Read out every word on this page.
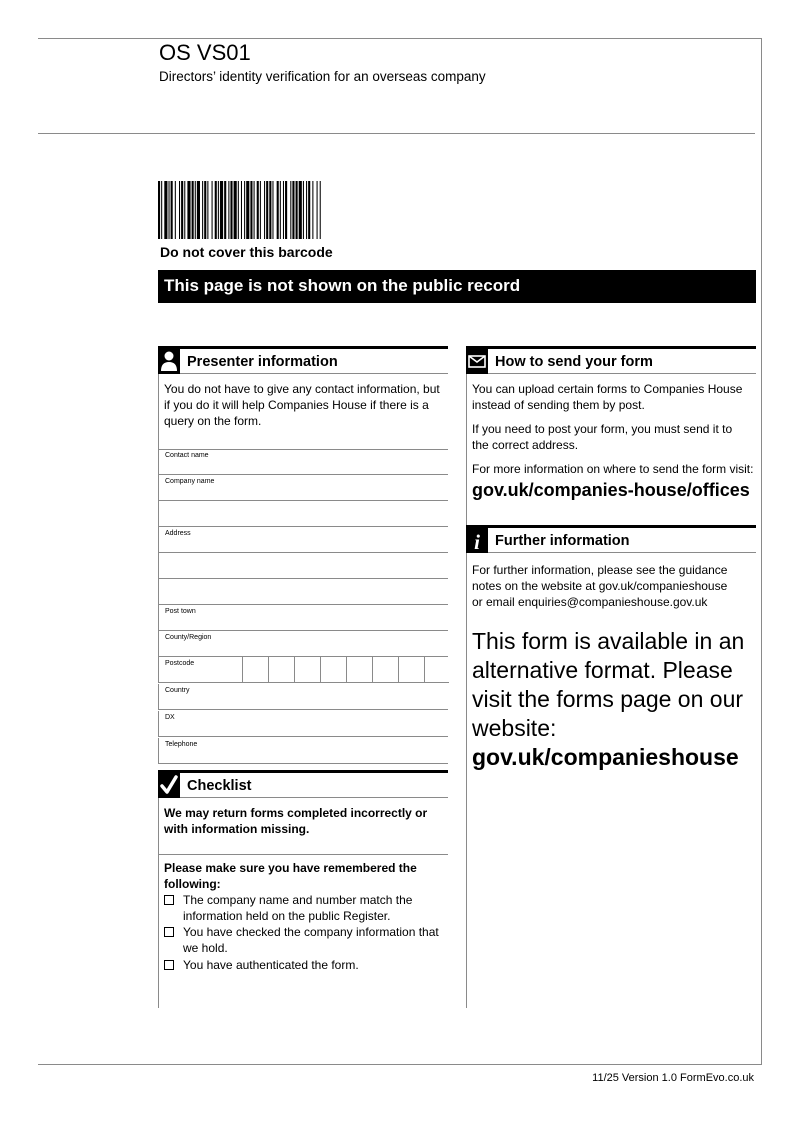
OS VS01
Directors’ identity verification for an overseas company
Do not cover this barcode
This page is not shown on the public record
Presenter information
You do not have to give any contact information, but if you do it will help Companies House if there is a query on the form.
Contact name
Company name
Address
Post town
County/Region
Postcode
Country
DX
Telephone
Checklist
We may return forms completed incorrectly or with information missing.
Please make sure you have remembered the following:
The company name and number match the information held on the public Register.
You have checked the company information that we hold.
You have authenticated the form.
How to send your form
You can upload certain forms to Companies House instead of sending them by post.
If you need to post your form, you must send it to the correct address.
For more information on where to send the form visit:
gov.uk/companies-house/offices
i Further information
For further information, please see the guidance
notes on the website at gov.uk/companieshouse
or email enquiries@companieshouse.gov.uk
This form is available in an alternative format. Please visit the forms page on our website:
gov.uk/companieshouse
11/25 Version 1.0 FormEvo.co.uk
